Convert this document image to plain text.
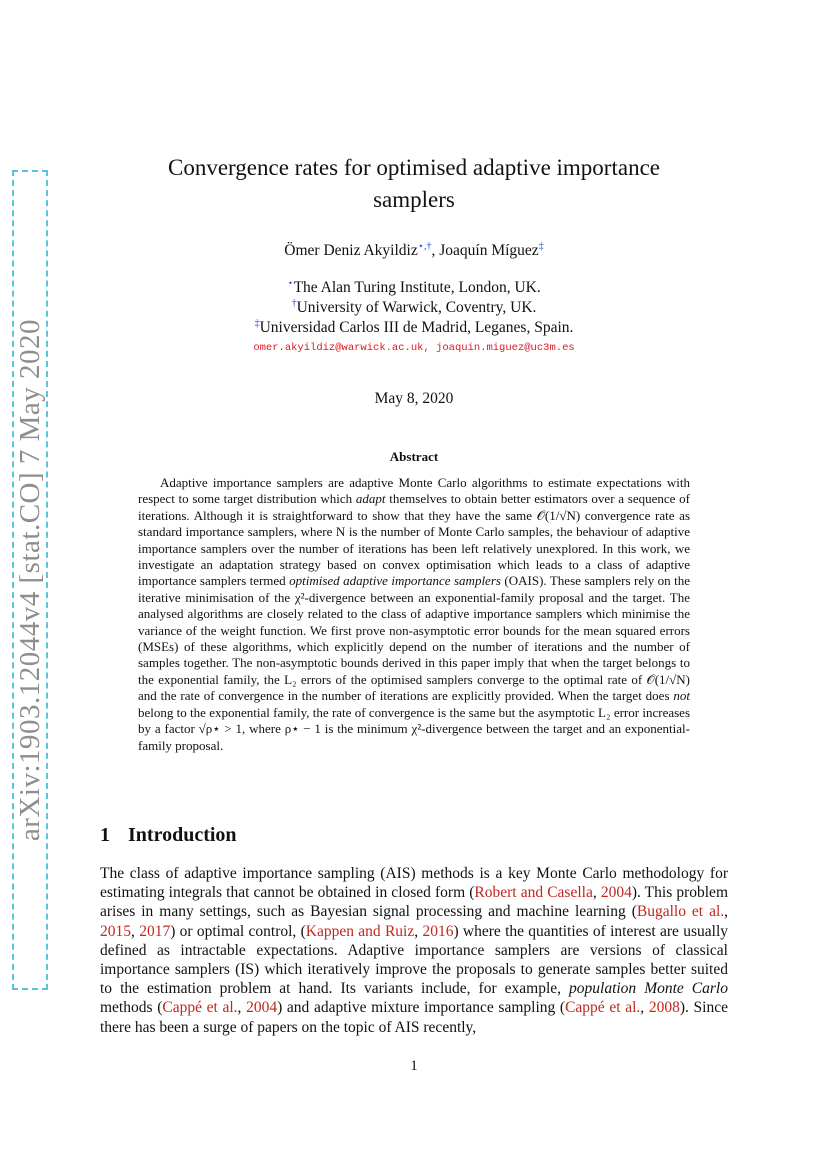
arXiv:1903.12044v4 [stat.CO] 7 May 2020
Convergence rates for optimised adaptive importance
samplers
Ömer Deniz Akyildiz⋆,†, Joaquín Míguez‡
⋆The Alan Turing Institute, London, UK.
†University of Warwick, Coventry, UK.
‡Universidad Carlos III de Madrid, Leganes, Spain.
omer.akyildiz@warwick.ac.uk, joaquin.miguez@uc3m.es
May 8, 2020
Abstract
Adaptive importance samplers are adaptive Monte Carlo algorithms to estimate expectations with respect to some target distribution which adapt themselves to obtain better estimators over a sequence of iterations. Although it is straightforward to show that they have the same 𝒪(1/√N) convergence rate as standard importance samplers, where N is the number of Monte Carlo samples, the behaviour of adaptive importance samplers over the number of iterations has been left relatively unexplored. In this work, we investigate an adaptation strategy based on convex optimisation which leads to a class of adaptive importance samplers termed optimised adaptive importance samplers (OAIS). These samplers rely on the iterative minimisation of the χ²-divergence between an exponential-family proposal and the target. The analysed algorithms are closely related to the class of adaptive importance samplers which minimise the variance of the weight function. We first prove non-asymptotic error bounds for the mean squared errors (MSEs) of these algorithms, which explicitly depend on the number of iterations and the number of samples together. The non-asymptotic bounds derived in this paper imply that when the target belongs to the exponential family, the L₂ errors of the optimised samplers converge to the optimal rate of 𝒪(1/√N) and the rate of convergence in the number of iterations are explicitly provided. When the target does not belong to the exponential family, the rate of convergence is the same but the asymptotic L₂ error increases by a factor √ρ⋆ > 1, where ρ⋆ − 1 is the minimum χ²-divergence between the target and an exponential-family proposal.
1 Introduction
The class of adaptive importance sampling (AIS) methods is a key Monte Carlo methodology for estimating integrals that cannot be obtained in closed form (Robert and Casella, 2004). This problem arises in many settings, such as Bayesian signal processing and machine learning (Bugallo et al., 2015, 2017) or optimal control, (Kappen and Ruiz, 2016) where the quantities of interest are usually defined as intractable expectations. Adaptive importance samplers are versions of classical importance samplers (IS) which iteratively improve the proposals to generate samples better suited to the estimation problem at hand. Its variants include, for example, population Monte Carlo methods (Cappé et al., 2004) and adaptive mixture importance sampling (Cappé et al., 2008). Since there has been a surge of papers on the topic of AIS recently,
1
